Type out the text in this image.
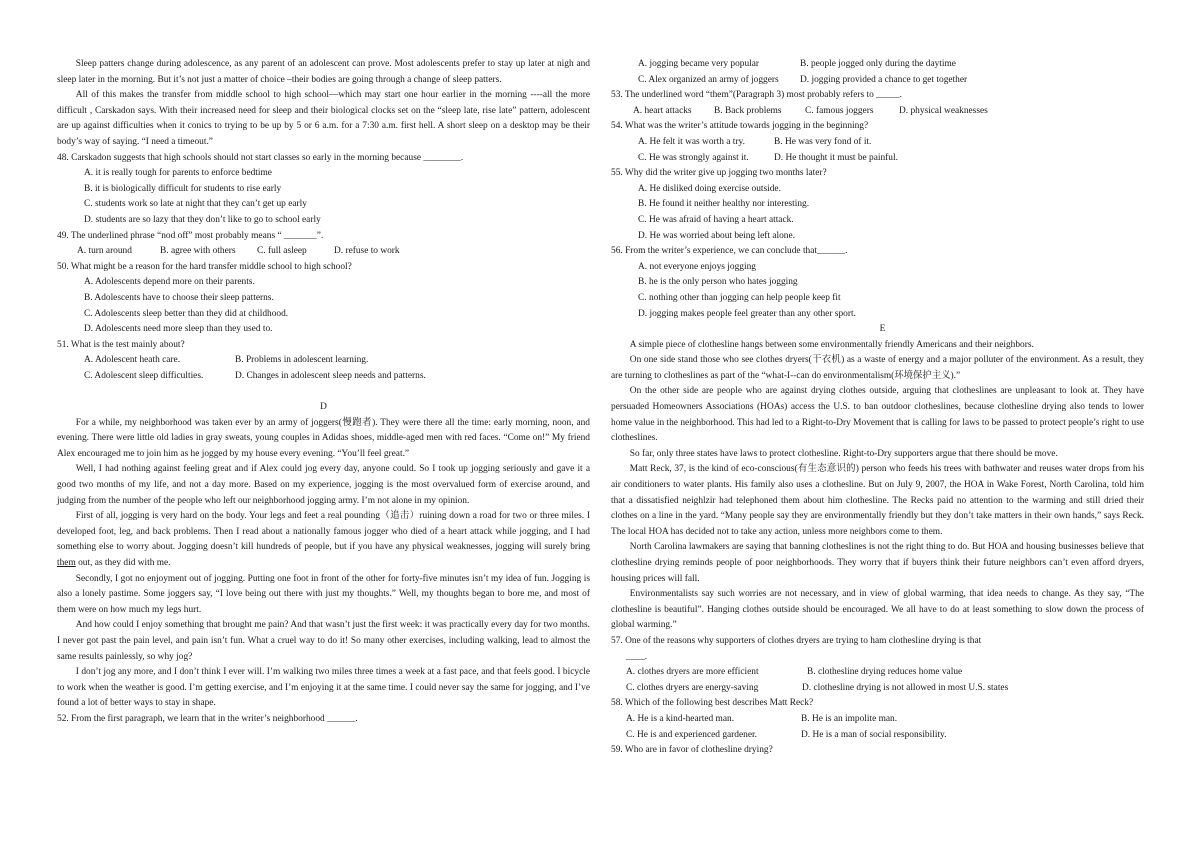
Sleep patters change during adolescence, as any parent of an adolescent can prove. Most adolescents prefer to stay up later at nigh and sleep later in the morning. But it’s not just a matter of choice –their bodies are going through a change of sleep patters.

All of this makes the transfer from middle school to high school—which may start one hour earlier in the morning ----all the more difficult , Carskadon says. With their increased need for sleep and their biological clocks set on the “sleep late, rise late” pattern, adolescent are up against difficulties when it conics to trying to be up by 5 or 6 a.m. for a 7:30 a.m. first hell. A short sleep on a desktop may be their body’s way of saying. “I need a timeout.”

48. Carskadon suggests that high schools should not start classes so early in the morning because ________.

A. it is really tough for parents to enforce bedtime

B. it is biologically difficult for students to rise early

C. students work so late at night that they can’t get up early

D. students are so lazy that they don’t like to go to school early

49. The underlined phrase “nod off” most probably means “ _______”.

A. turn around	B. agree with others	C. full asleep	D. refuse to work

50. What might be a reason for the hard transfer middle school to high school?

A. Adolescents depend more on their parents.

B. Adolescents have to choose their sleep patterns.

C. Adolescents sleep better than they did at childhood.

D. Adolescents need more sleep than they used to.

51. What is the test mainly about?

A. Adolescent heath care.	B. Problems in adolescent learning.
C. Adolescent sleep difficulties.	D. Changes in adolescent sleep needs and patterns.

D

For a while, my neighborhood was taken ever by an army of joggers(慢跑者). They were there all the time: early morning, noon, and evening. There were little old ladies in gray sweats, young couples in Adidas shoes, middle-aged men with red faces. “Come on!” My friend Alex encouraged me to join him as he jogged by my house every evening. “You’ll feel great.”

Well, I had nothing against feeling great and if Alex could jog every day, anyone could. So I took up jogging seriously and gave it a good two months of my life, and not a day more. Based on my experience, jogging is the most overvalued form of exercise around, and judging from the number of the people who left our neighborhood jogging army. I’m not alone in my opinion.

First of all, jogging is very hard on the body. Your legs and feet a real pounding（追击）ruining down a road for two or three miles. I developed foot, leg, and back problems. Then I read about a nationally famous jogger who died of a heart attack while jogging, and I had something else to worry about. Jogging doesn’t kill hundreds of people, but if you have any physical weaknesses, jogging will surely bring them out, as they did with me.

Secondly, I got no enjoyment out of jogging. Putting one foot in front of the other for forty-five minutes isn’t my idea of fun. Jogging is also a lonely pastime. Some joggers say, “I love being out there with just my thoughts.” Well, my thoughts began to bore me, and most of them were on how much my legs hurt.

And how could I enjoy something that brought me pain? And that wasn’t just the first week: it was practically every day for two months. I never got past the pain level, and pain isn’t fun. What a cruel way to do it! So many other exercises, including walking, lead to almost the same results painlessly, so why jog?

I don’t jog any more, and I don’t think I ever will. I’m walking two miles three times a week at a fast pace, and that feels good. I bicycle to work when the weather is good. I’m getting exercise, and I’m enjoying it at the same time. I could never say the same for jogging, and I’ve found a lot of better ways to stay in shape.

52. From the first paragraph, we learn that in the writer’s neighborhood ______.

A. jogging became very popular	B. people jogged only during the daytime
C. Alex organized an army of joggers	D. jogging provided a chance to get together

53. The underlined word “them”(Paragraph 3) most probably refers to _____.

A. heart attacks	B. Back problems	C. famous joggers	D. physical weaknesses

54. What was the writer’s attitude towards jogging in the beginning?

A. He felt it was worth a try.	B. He was very fond of it.
C. He was strongly against it.	D. He thought it must be painful.

55. Why did the writer give up jogging two months later?

A. He disliked doing exercise outside.

B. He found it neither healthy nor interesting.

C. He was afraid of having a heart attack.

D. He was worried about being left alone.

56. From the writer’s experience, we can conclude that______.

A. not everyone enjoys jogging

B. he is the only person who hates jogging

C. nothing other than jogging can help people keep fit

D. jogging makes people feel greater than any other sport.

E

A simple piece of clothesline hangs between some environmentally friendly Americans and their neighbors.

On one side stand those who see clothes dryers(干衣机) as a waste of energy and a major polluter of the environment. As a result, they are turning to clotheslines as part of the “what-I--can do environmentalism(环境保护主义).”

On the other side are people who are against drying clothes outside, arguing that clotheslines are unpleasant to look at. They have persuaded Homeowners Associations (HOAs) access the U.S. to ban outdoor clotheslines, because clothesline drying also tends to lower home value in the neighborhood. This had led to a Right-to-Dry Movement that is calling for laws to be passed to protect people’s right to use clotheslines.

So far, only three states have laws to protect clothesline. Right-to-Dry supporters argue that there should be move.

Matt Reck, 37, is the kind of eco-conscious(有生态意识的) person who feeds his trees with bathwater and reuses water drops from his air conditioners to water plants. His family also uses a clothesline. But on July 9, 2007, the HOA in Wake Forest, North Carolina, told him that a dissatisfied neighlzir had telephoned them about him clothesline. The Recks paid no attention to the warming and still dried their clothes on a line in the yard. “Many people say they are environmentally friendly but they don’t take matters in their own hands,” says Reck. The local HOA has decided not to take any action, unless more neighbors come to them.

North Carolina lawmakers are saying that banning clotheslines is not the right thing to do. But HOA and housing businesses believe that clothesline drying reminds people of poor neighborhoods. They worry that if buyers think their future neighbors can’t even afford dryers, housing prices will fall.

Environmentalists say such worries are not necessary, and in view of global warming, that idea needs to change. As they say, “The clothesline is beautiful”. Hanging clothes outside should be encouraged. We all have to do at least something to slow down the process of global warming.”

57. One of the reasons why supporters of clothes dryers are trying to ham clothesline drying is that

____.

A. clothes dryers are more efficient	B. clothesline drying reduces home value
C. clothes dryers are energy-saving	D. clothesline drying is not allowed in most U.S. states

58. Which of the following best describes Matt Reck?

A. He is a kind-hearted man.	B. He is an impolite man.
C. He is and experienced gardener.	D. He is a man of social responsibility.

59. Who are in favor of clothesline drying?
